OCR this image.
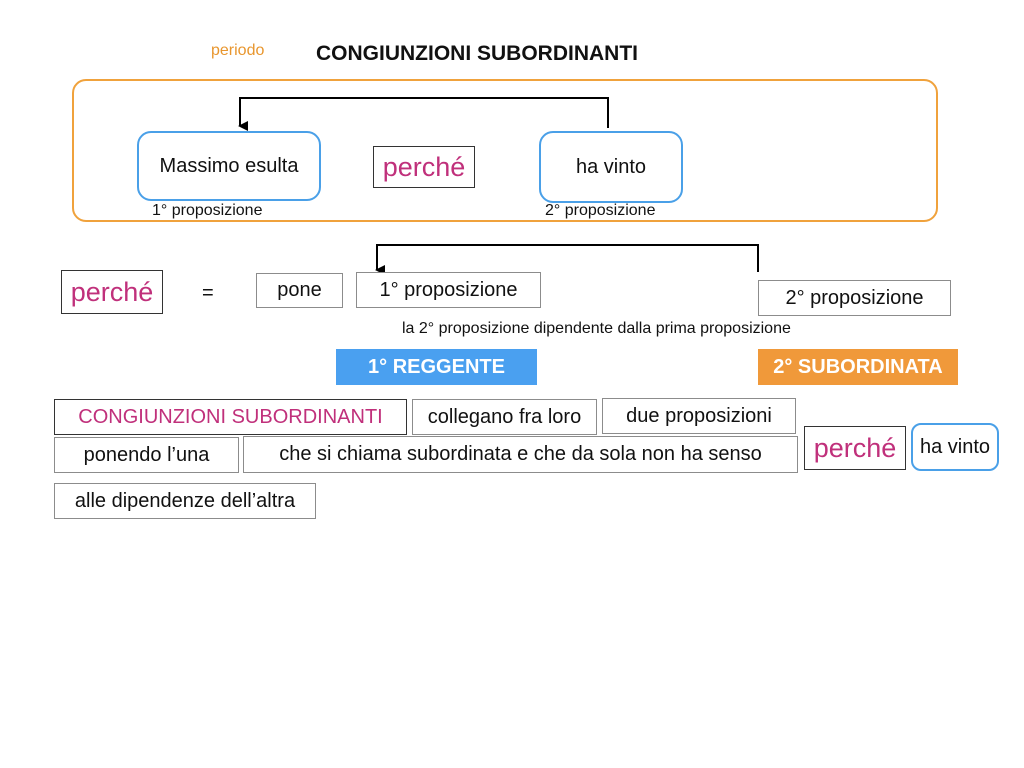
periodo CONGIUNZIONI SUBORDINANTI
Massimo esulta	perché	ha vinto
1° proposizione	2° proposizione
perché	=	pone	1° proposizione	2° proposizione
la 2° proposizione dipendente dalla prima proposizione
1° REGGENTE	2° SUBORDINATA
CONGIUNZIONI SUBORDINANTI	collegano fra loro	due proposizioni
ponendo l’una	che si chiama subordinata e che da sola non ha senso	perché	ha vinto
alle dipendenze dell’altra
